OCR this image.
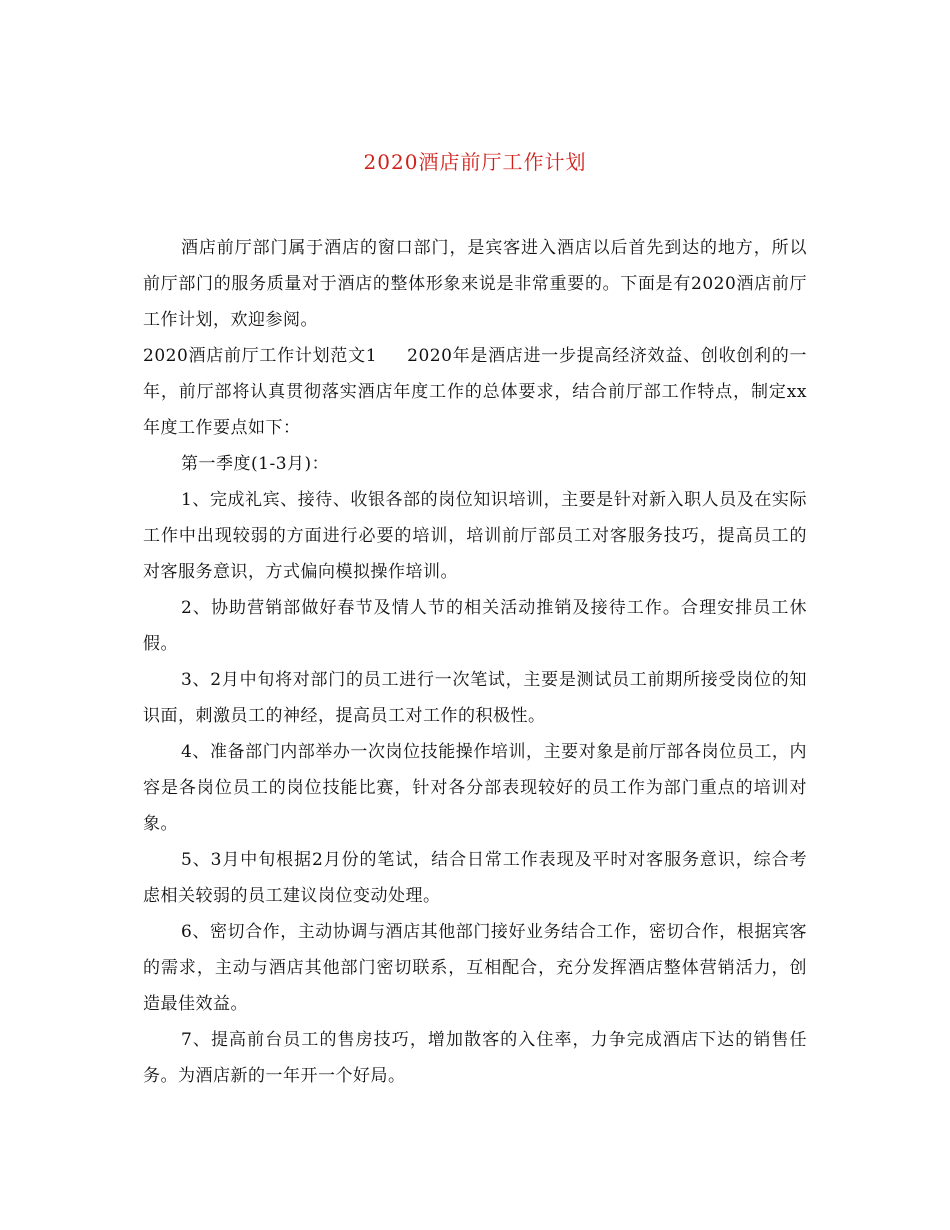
2020酒店前厅工作计划

酒店前厅部门属于酒店的窗口部门，是宾客进入酒店以后首先到达的地方，所以前厅部门的服务质量对于酒店的整体形象来说是非常重要的。下面是有2020酒店前厅工作计划，欢迎参阅。

2020酒店前厅工作计划范文1 2020年是酒店进一步提高经济效益、创收创利的一年，前厅部将认真贯彻落实酒店年度工作的总体要求，结合前厅部工作特点，制定xx年度工作要点如下：

第一季度(1-3月)：

1、完成礼宾、接待、收银各部的岗位知识培训，主要是针对新入职人员及在实际工作中出现较弱的方面进行必要的培训，培训前厅部员工对客服务技巧，提高员工的对客服务意识，方式偏向模拟操作培训。

2、协助营销部做好春节及情人节的相关活动推销及接待工作。合理安排员工休假。

3、2月中旬将对部门的员工进行一次笔试，主要是测试员工前期所接受岗位的知识面，刺激员工的神经，提高员工对工作的积极性。

4、准备部门内部举办一次岗位技能操作培训，主要对象是前厅部各岗位员工，内容是各岗位员工的岗位技能比赛，针对各分部表现较好的员工作为部门重点的培训对象。

5、3月中旬根据2月份的笔试，结合日常工作表现及平时对客服务意识，综合考虑相关较弱的员工建议岗位变动处理。

6、密切合作，主动协调与酒店其他部门接好业务结合工作，密切合作，根据宾客的需求，主动与酒店其他部门密切联系，互相配合，充分发挥酒店整体营销活力，创造最佳效益。

7、提高前台员工的售房技巧，增加散客的入住率，力争完成酒店下达的销售任务。为酒店新的一年开一个好局。
